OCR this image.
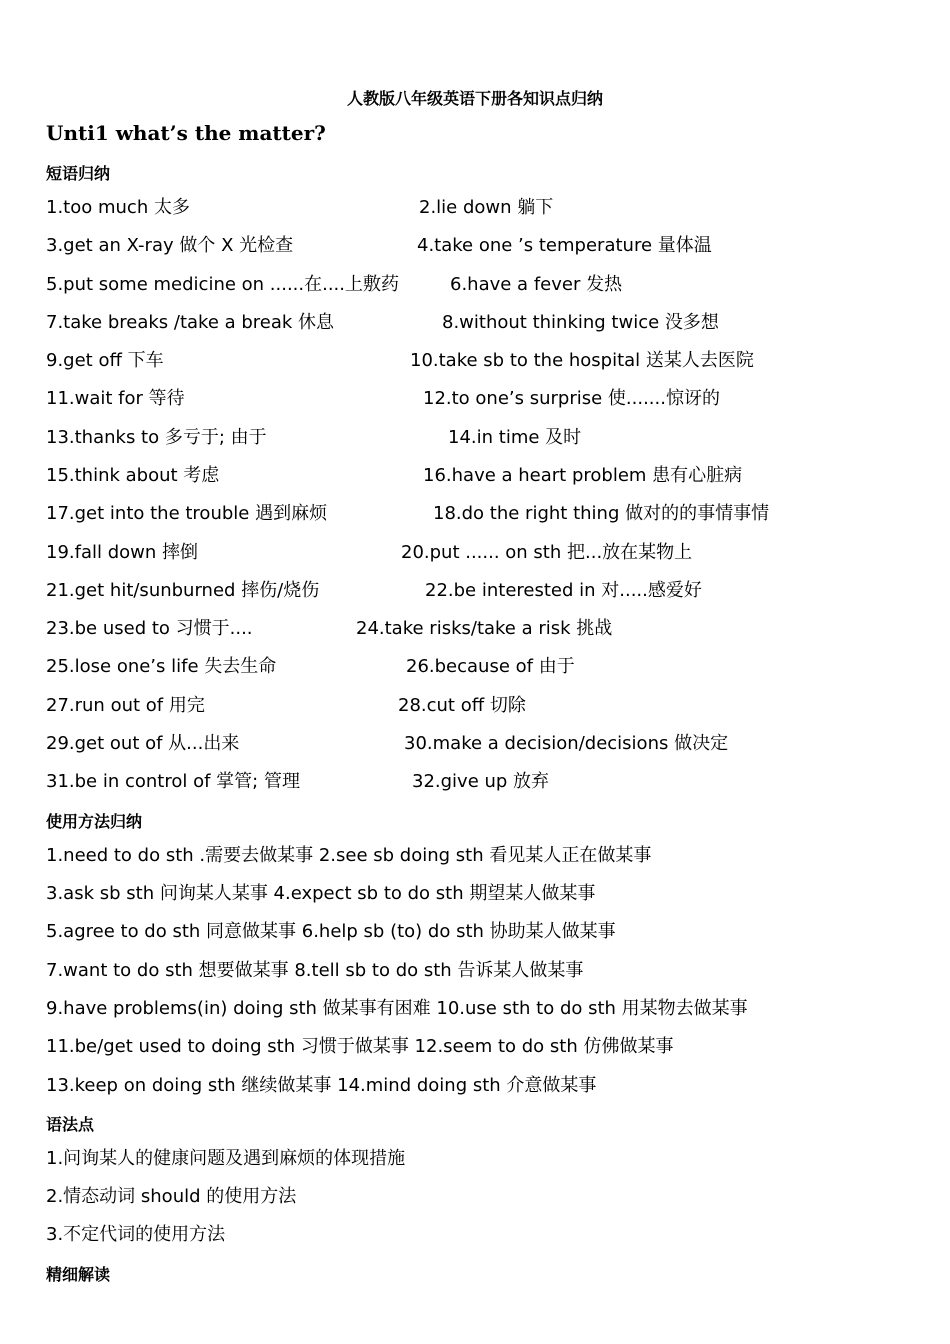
人教版八年级英语下册各知识点归纳
Unti1 what’s the matter?
短语归纳
1.too much 太多	2.lie down 躺下
3.get an X-ray 做个 X 光检查	4.take one ’s temperature 量体温
5.put some medicine on ......在....上敷药	6.have a fever 发热
7.take breaks /take a break 休息	8.without thinking twice 没多想
9.get off 下车	10.take sb to the hospital 送某人去医院
11.wait for 等待	12.to one’s surprise 使.......惊讶的
13.thanks to 多亏于; 由于	14.in time 及时
15.think about 考虑	16.have a heart problem 患有心脏病
17.get into the trouble 遇到麻烦	18.do the right thing 做对的的事情事情
19.fall down 摔倒	20.put ...... on sth 把...放在某物上
21.get hit/sunburned 摔伤/烧伤	22.be interested in 对.....感爱好
23.be used to 习惯于....	24.take risks/take a risk 挑战
25.lose one’s life 失去生命	26.because of 由于
27.run out of 用完	28.cut off 切除
29.get out of 从...出来	30.make a decision/decisions 做决定
31.be in control of 掌管; 管理	32.give up 放弃
使用方法归纳
1.need to do sth .需要去做某事 2.see sb doing sth 看见某人正在做某事
3.ask sb sth 问询某人某事 4.expect sb to do sth 期望某人做某事
5.agree to do sth 同意做某事 6.help sb (to) do sth 协助某人做某事
7.want to do sth 想要做某事 8.tell sb to do sth 告诉某人做某事
9.have problems(in) doing sth 做某事有困难 10.use sth to do sth 用某物去做某事
11.be/get used to doing sth 习惯于做某事 12.seem to do sth 仿佛做某事
13.keep on doing sth 继续做某事 14.mind doing sth 介意做某事
语法点
1.问询某人的健康问题及遇到麻烦的体现措施
2.情态动词 should 的使用方法
3.不定代词的使用方法
精细解读
